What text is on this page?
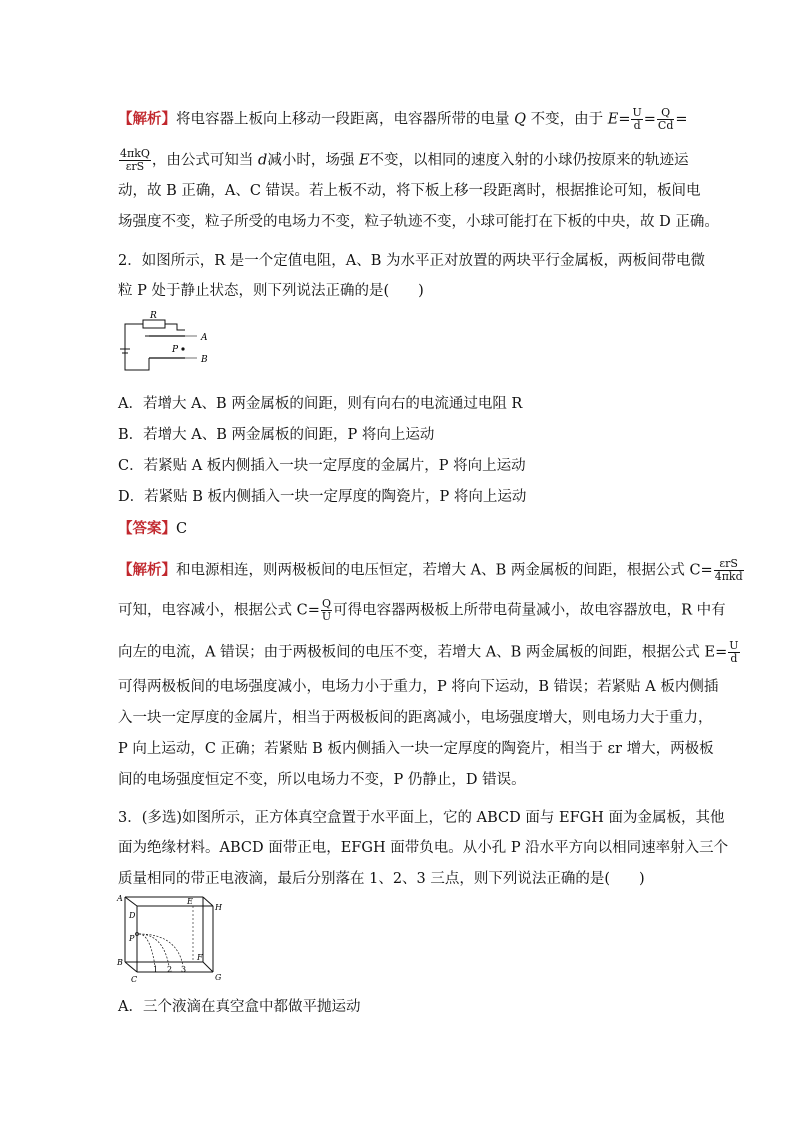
【解析】将电容器上板向上移动一段距离，电容器所带的电量 Q 不变，由于 $E= \frac{U}{d} = \frac{Q}{Cd}$ =
$\frac{\text{4πkQ}}{\text{εrS}}$ ，由公式可知当 d减小时，场强 E不变，以相同的速度入射的小球仍按原来的轨迹运
动，故 B 正确，A、C 错误。若上板不动，将下板上移一段距离时，根据推论可知，板间电
场强度不变，粒子所受的电场力不变，粒子轨迹不变，小球可能打在下板的中央，故 D 正确。
2．如图所示，R 是一个定值电阻，A、B 为水平正对放置的两块平行金属板，两板间带电微
粒 P 处于静止状态，则下列说法正确的是(　　)
R
A
P
B
A．若增大 A、B 两金属板的间距，则有向右的电流通过电阻 R
B．若增大 A、B 两金属板的间距，P 将向上运动
C．若紧贴 A 板内侧插入一块一定厚度的金属片，P 将向上运动
D．若紧贴 B 板内侧插入一块一定厚度的陶瓷片，P 将向上运动
【答案】C
【解析】和电源相连，则两极板间的电压恒定，若增大 A、B 两金属板的间距，根据公式 $C= \frac{\text{εrS}}{\text{4πkd}}$
可知，电容减小，根据公式 $C= \frac{Q}{U}$ 可得电容器两极板上所带电荷量减小，故电容器放电，R 中有
向左的电流，A 错误；由于两极板间的电压不变，若增大 A、B 两金属板的间距，根据公式 $E= \frac{U}{d}$
可得两极板间的电场强度减小，电场力小于重力，P 将向下运动，B 错误；若紧贴 A 板内侧插
入一块一定厚度的金属片，相当于两极板间的距离减小，电场强度增大，则电场力大于重力，
P 向上运动，C 正确；若紧贴 B 板内侧插入一块一定厚度的陶瓷片，相当于 εr 增大，两极板
间的电场强度恒定不变，所以电场力不变，P 仍静止，D 错误。
3．(多选)如图所示，正方体真空盒置于水平面上，它的 ABCD 面与 EFGH 面为金属板，其他
面为绝缘材料。ABCD 面带正电，EFGH 面带负电。从小孔 P 沿水平方向以相同速率射入三个
质量相同的带正电液滴，最后分别落在 1、2、3 三点，则下列说法正确的是(　　)
A	E
H
D
P
B
F
C	G
1 2 3
A．三个液滴在真空盒中都做平抛运动
